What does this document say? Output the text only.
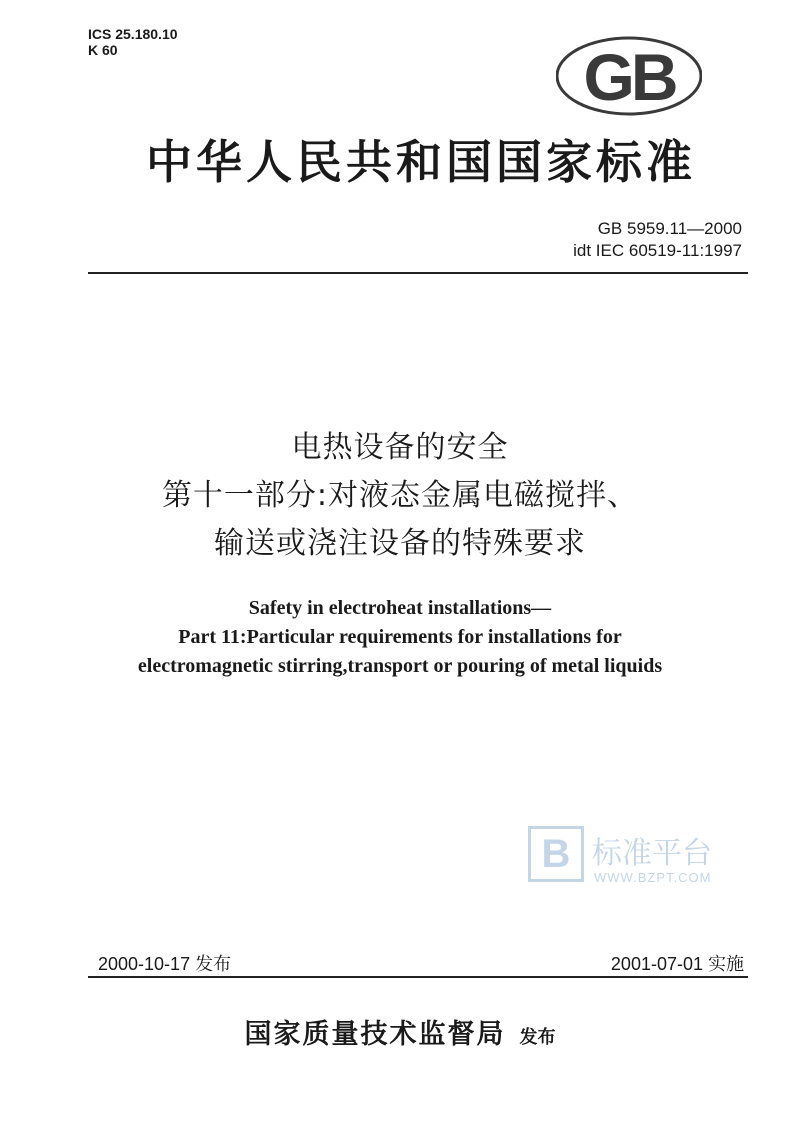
ICS 25.180.10
K 60	GB
中华人民共和国国家标准
GB 5959.11—2000
idt IEC 60519-11:1997
电热设备的安全
第十一部分:对液态金属电磁搅拌、
输送或浇注设备的特殊要求
Safety in electroheat installations—
Part 11:Particular requirements for installations for
electromagnetic stirring,transport or pouring of metal liquids
B 标准平台
WWW.BZPT.COM
2000-10-17 发布	2001-07-01 实施
国家质量技术监督局 发布
